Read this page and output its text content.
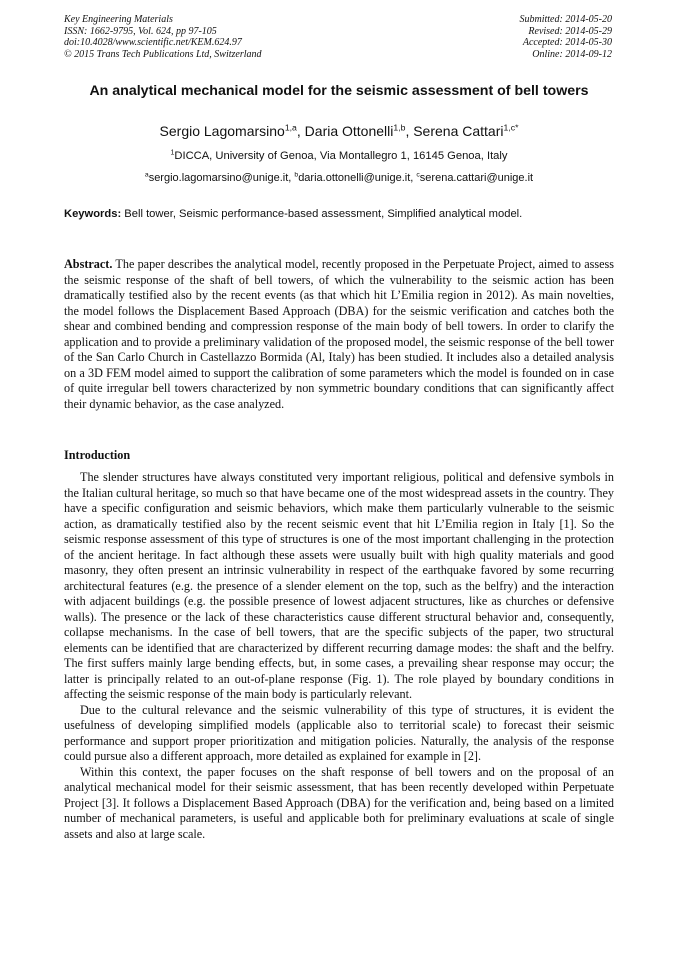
Key Engineering Materials
ISSN: 1662-9795, Vol. 624, pp 97-105
doi:10.4028/www.scientific.net/KEM.624.97
© 2015 Trans Tech Publications Ltd, Switzerland
Submitted: 2014-05-20
Revised: 2014-05-29
Accepted: 2014-05-30
Online: 2014-09-12
An analytical mechanical model for the seismic assessment of bell towers
Sergio Lagomarsino$^{1,a}$, Daria Ottonelli$^{1,b}$, Serena Cattari$^{1,c*}$
$^1$DICCA, University of Genoa, Via Montallegro 1, 16145 Genoa, Italy
$^a$sergio.lagomarsino@unige.it, $^b$daria.ottonelli@unige.it, $^c$serena.cattari@unige.it
Keywords: Bell tower, Seismic performance-based assessment, Simplified analytical model.
Abstract. The paper describes the analytical model, recently proposed in the Perpetuate Project, aimed to assess the seismic response of the shaft of bell towers, of which the vulnerability to the seismic action has been dramatically testified also by the recent events (as that which hit L’Emilia region in 2012). As main novelties, the model follows the Displacement Based Approach (DBA) for the seismic verification and catches both the shear and combined bending and compression response of the main body of bell towers. In order to clarify the application and to provide a preliminary validation of the proposed model, the seismic response of the bell tower of the San Carlo Church in Castellazzo Bormida (Al, Italy) has been studied. It includes also a detailed analysis on a 3D FEM model aimed to support the calibration of some parameters which the model is founded on in case of quite irregular bell towers characterized by non symmetric boundary conditions that can significantly affect their dynamic behavior, as the case analyzed.
Introduction

The slender structures have always constituted very important religious, political and defensive symbols in the Italian cultural heritage, so much so that have became one of the most widespread assets in the country. They have a specific configuration and seismic behaviors, which make them particularly vulnerable to the seismic action, as dramatically testified also by the recent seismic event that hit L’Emilia region in Italy [1]. So the seismic response assessment of this type of structures is one of the most important challenging in the protection of the ancient heritage. In fact although these assets were usually built with high quality materials and good masonry, they often present an intrinsic vulnerability in respect of the earthquake favored by some recurring architectural features (e.g. the presence of a slender element on the top, such as the belfry) and the interaction with adjacent buildings (e.g. the possible presence of lowest adjacent structures, like as churches or defensive walls). The presence or the lack of these characteristics cause different structural behavior and, consequently, collapse mechanisms. In the case of bell towers, that are the specific subjects of the paper, two structural elements can be identified that are characterized by different recurring damage modes: the shaft and the belfry. The first suffers mainly large bending effects, but, in some cases, a prevailing shear response may occur; the latter is principally related to an out-of-plane response (Fig. 1). The role played by boundary conditions in affecting the seismic response of the main body is particularly relevant.

Due to the cultural relevance and the seismic vulnerability of this type of structures, it is evident the usefulness of developing simplified models (applicable also to territorial scale) to forecast their seismic performance and support proper prioritization and mitigation policies. Naturally, the analysis of the response could pursue also a different approach, more detailed as explained for example in [2].

Within this context, the paper focuses on the shaft response of bell towers and on the proposal of an analytical mechanical model for their seismic assessment, that has been recently developed within Perpetuate Project [3]. It follows a Displacement Based Approach (DBA) for the verification and, being based on a limited number of mechanical parameters, is useful and applicable both for preliminary evaluations at scale of single assets and also at large scale.
